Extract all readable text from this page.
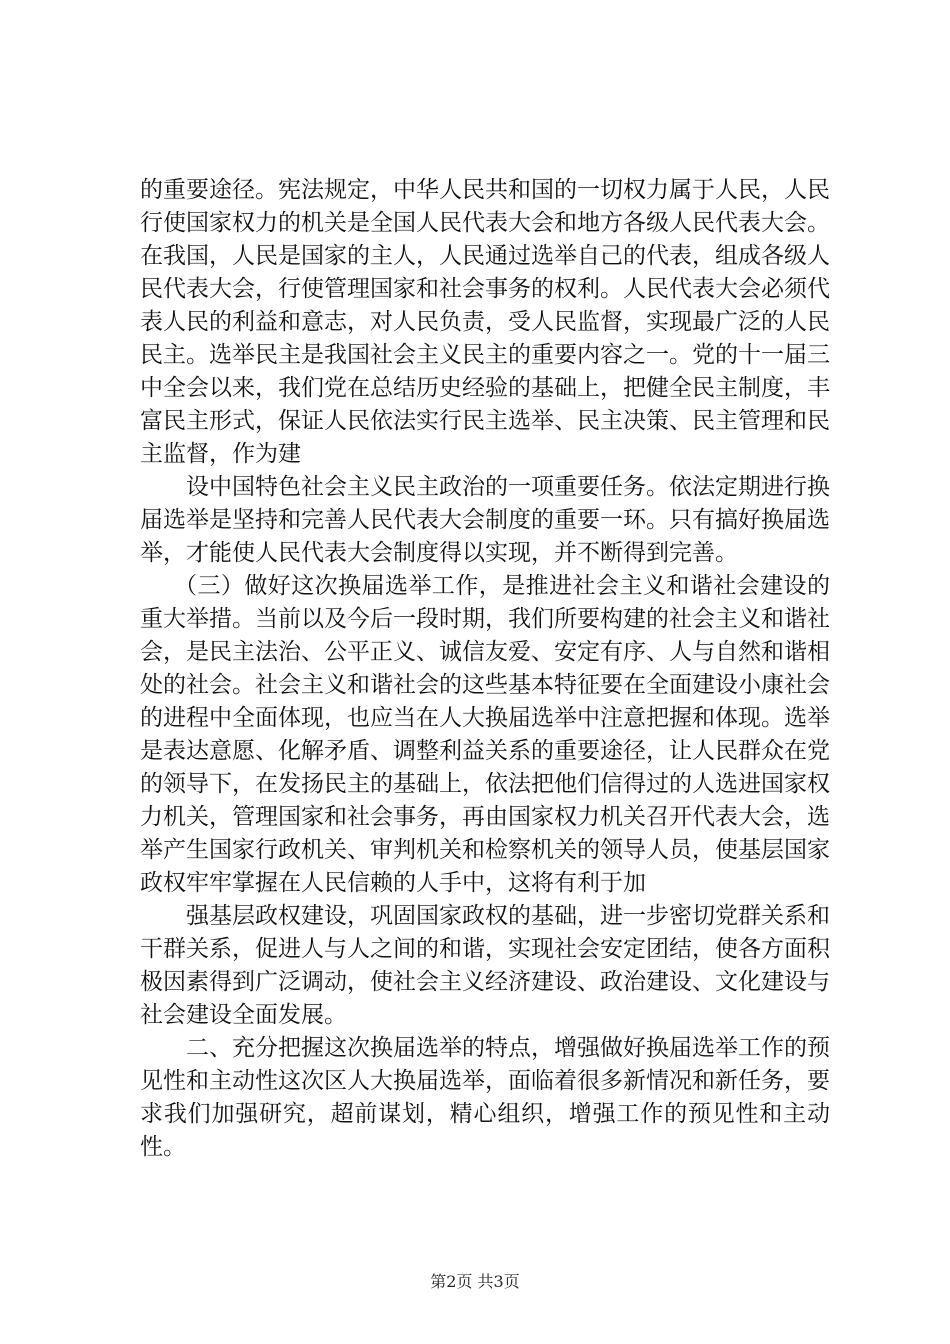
的重要途径。宪法规定，中华人民共和国的一切权力属于人民，人民行使国家权力的机关是全国人民代表大会和地方各级人民代表大会。在我国，人民是国家的主人，人民通过选举自己的代表，组成各级人民代表大会，行使管理国家和社会事务的权利。人民代表大会必须代表人民的利益和意志，对人民负责，受人民监督，实现最广泛的人民民主。选举民主是我国社会主义民主的重要内容之一。党的十一届三中全会以来，我们党在总结历史经验的基础上，把健全民主制度，丰富民主形式，保证人民依法实行民主选举、民主决策、民主管理和民主监督，作为建

设中国特色社会主义民主政治的一项重要任务。依法定期进行换届选举是坚持和完善人民代表大会制度的重要一环。只有搞好换届选举，才能使人民代表大会制度得以实现，并不断得到完善。

（三）做好这次换届选举工作，是推进社会主义和谐社会建设的重大举措。当前以及今后一段时期，我们所要构建的社会主义和谐社会，是民主法治、公平正义、诚信友爱、安定有序、人与自然和谐相处的社会。社会主义和谐社会的这些基本特征要在全面建设小康社会的进程中全面体现，也应当在人大换届选举中注意把握和体现。选举是表达意愿、化解矛盾、调整利益关系的重要途径，让人民群众在党的领导下，在发扬民主的基础上，依法把他们信得过的人选进国家权力机关，管理国家和社会事务，再由国家权力机关召开代表大会，选举产生国家行政机关、审判机关和检察机关的领导人员，使基层国家政权牢牢掌握在人民信赖的人手中，这将有利于加

强基层政权建设，巩固国家政权的基础，进一步密切党群关系和干群关系，促进人与人之间的和谐，实现社会安定团结，使各方面积极因素得到广泛调动，使社会主义经济建设、政治建设、文化建设与社会建设全面发展。

二、充分把握这次换届选举的特点，增强做好换届选举工作的预见性和主动性这次区人大换届选举，面临着很多新情况和新任务，要求我们加强研究，超前谋划，精心组织，增强工作的预见性和主动性。

第2页 共3页
